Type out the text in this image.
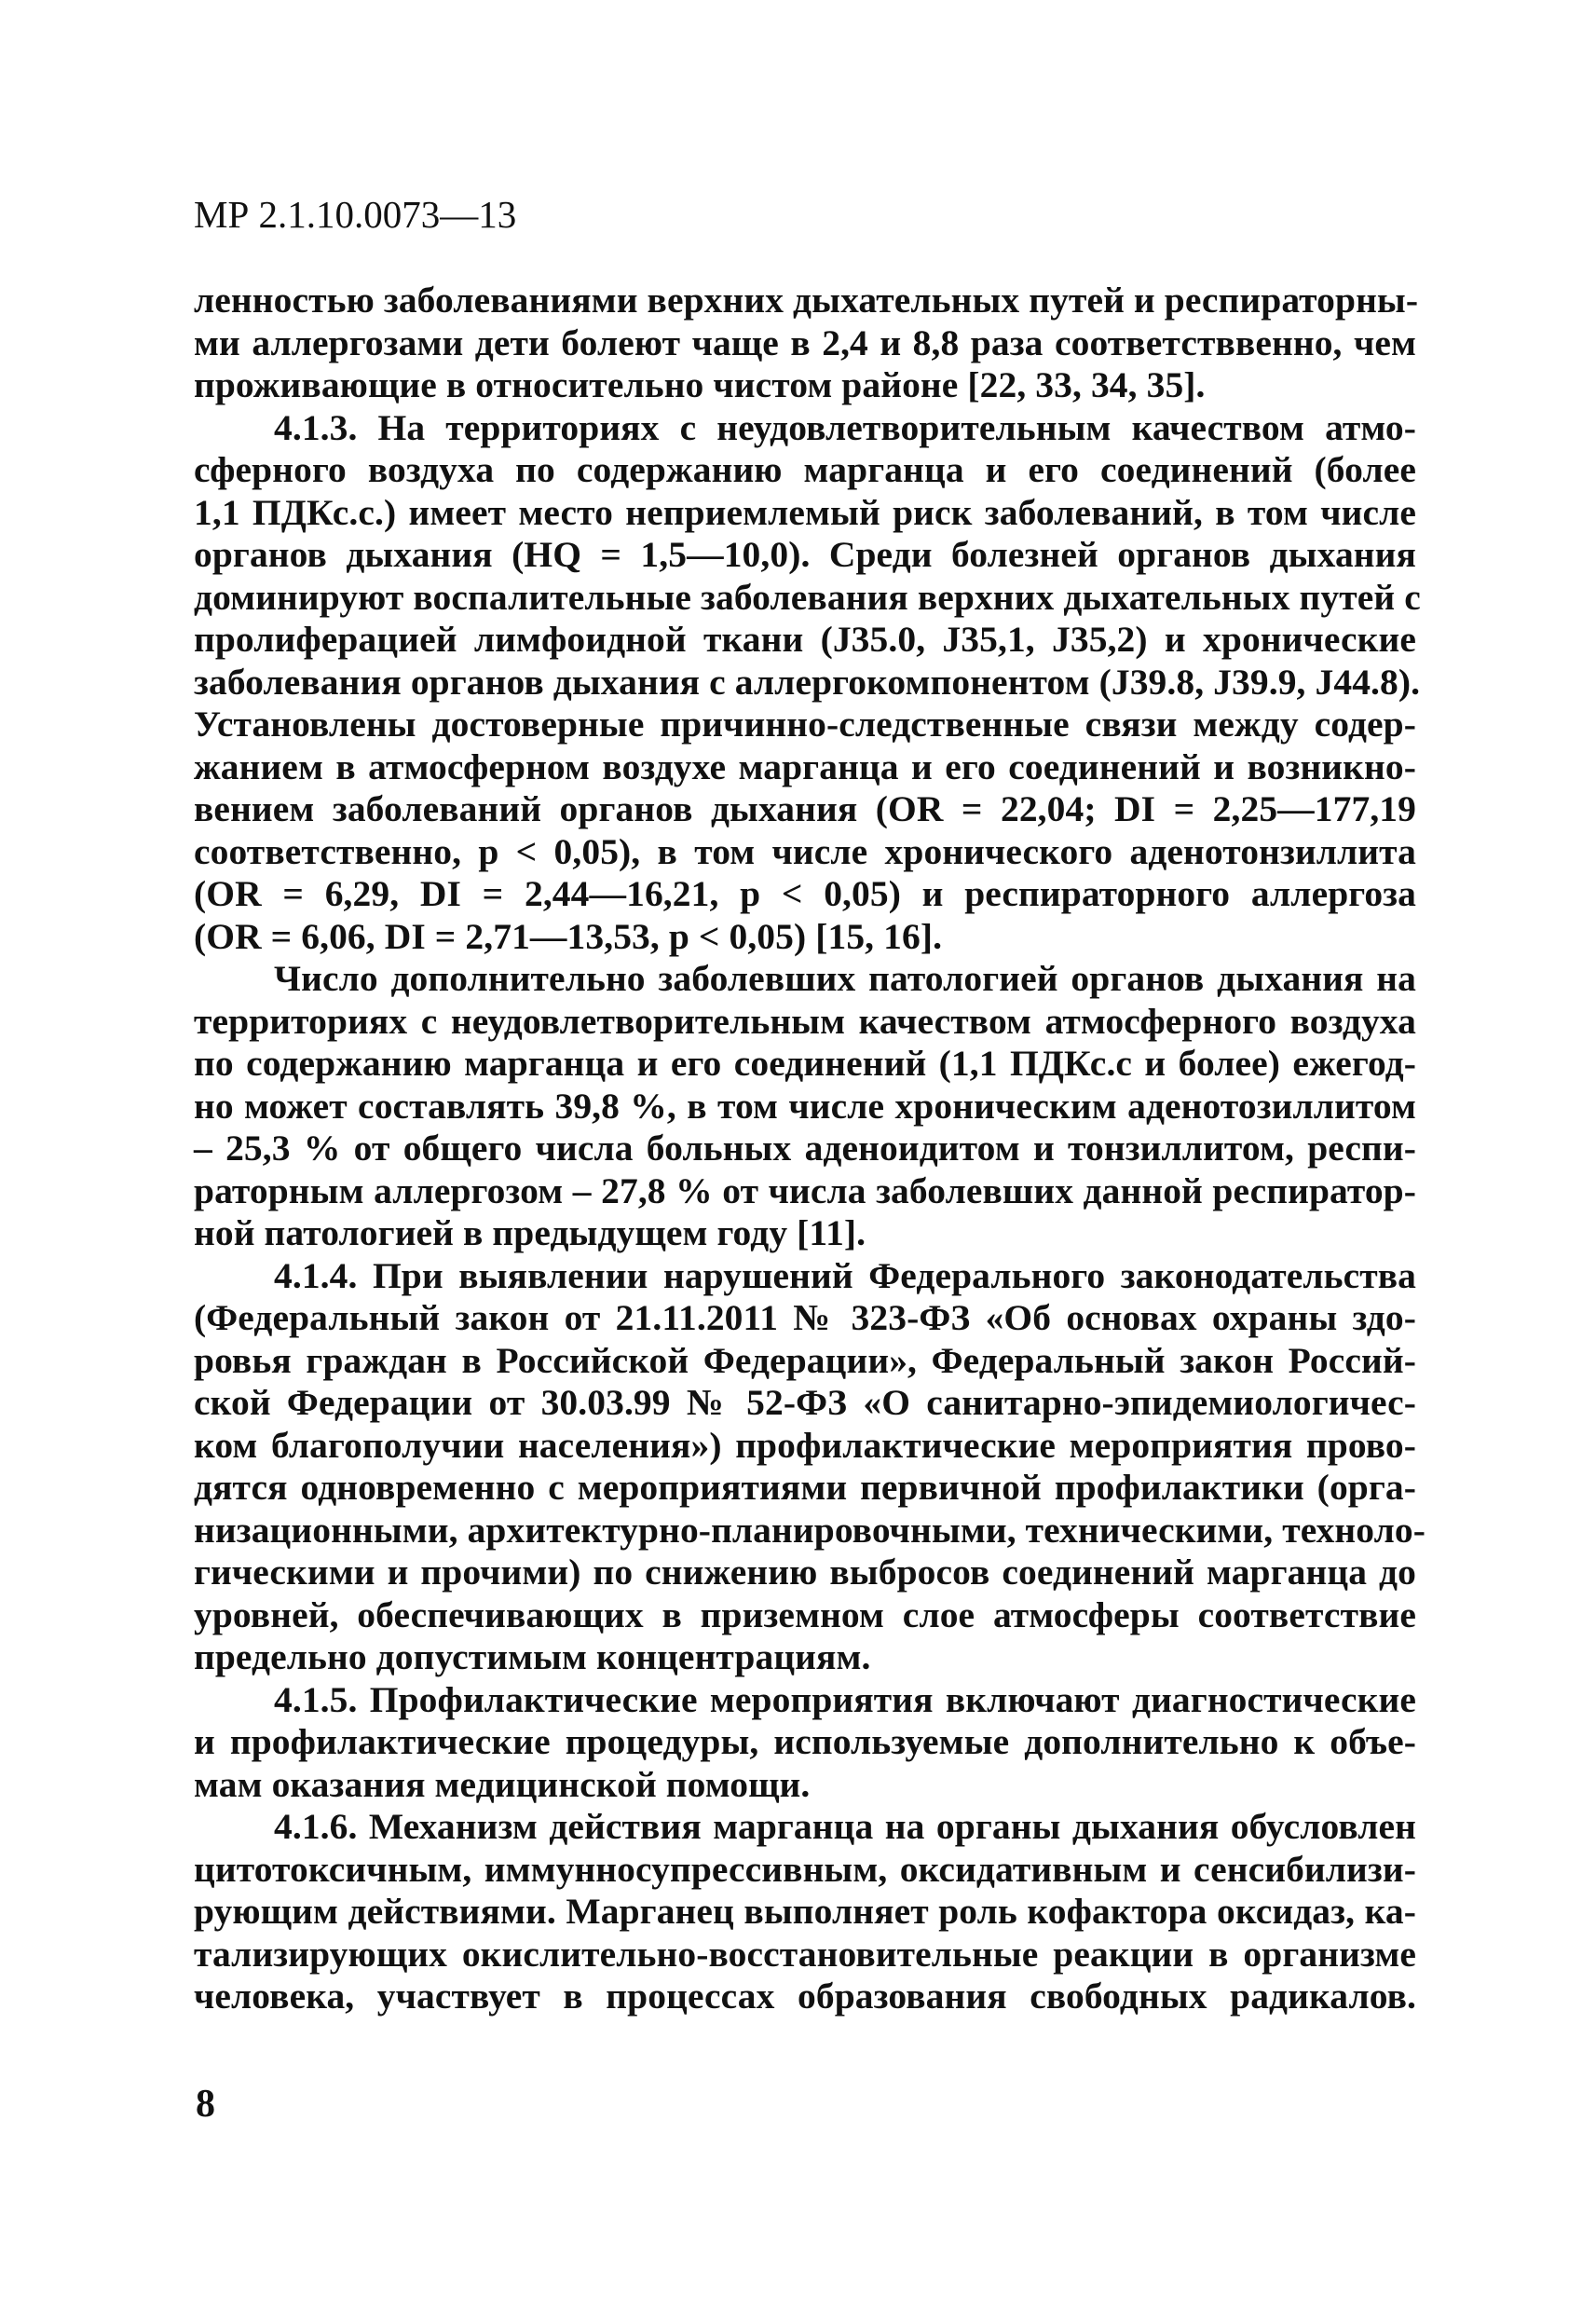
МР 2.1.10.0073—13

ленностью заболеваниями верхних дыхательных путей и респираторны-
ми аллергозами дети болеют чаще в 2,4 и 8,8 раза соответстввенно, чем
проживающие в относительно чистом районе [22, 33, 34, 35].

4.1.3. На территориях с неудовлетворительным качеством атмо-
сферного воздуха по содержанию марганца и его соединений (более
1,1 ПДКс.с.) имеет место неприемлемый риск заболеваний, в том числе
органов дыхания (HQ = 1,5—10,0). Среди болезней органов дыхания
доминируют воспалительные заболевания верхних дыхательных путей с
пролиферацией лимфоидной ткани (J35.0, J35,1, J35,2) и хронические
заболевания органов дыхания с аллергокомпонентом (J39.8, J39.9, J44.8).
Установлены достоверные причинно-следственные связи между содер-
жанием в атмосферном воздухе марганца и его соединений и возникно-
вением заболеваний органов дыхания (OR = 22,04; DI = 2,25—177,19
соответственно, p < 0,05), в том числе хронического аденотонзиллита
(OR = 6,29, DI = 2,44—16,21, p < 0,05) и респираторного аллергоза
(OR = 6,06, DI = 2,71—13,53, p < 0,05) [15, 16].

Число дополнительно заболевших патологией органов дыхания на
территориях с неудовлетворительным качеством атмосферного воздуха
по содержанию марганца и его соединений (1,1 ПДКс.с и более) ежегод-
но может составлять 39,8 %, в том числе хроническим аденотозиллитом
– 25,3 % от общего числа больных аденоидитом и тонзиллитом, респи-
раторным аллергозом – 27,8 % от числа заболевших данной респиратор-
ной патологией в предыдущем году [11].

4.1.4. При выявлении нарушений Федерального законодательства
(Федеральный закон от 21.11.2011 № 323-ФЗ «Об основах охраны здо-
ровья граждан в Российской Федерации», Федеральный закон Россий-
ской Федерации от 30.03.99 № 52-ФЗ «О санитарно-эпидемиологичес-
ком благополучии населения») профилактические мероприятия прово-
дятся одновременно с мероприятиями первичной профилактики (орга-
низационными, архитектурно-планировочными, техническими, техноло-
гическими и прочими) по снижению выбросов соединений марганца до
уровней, обеспечивающих в приземном слое атмосферы соответствие
предельно допустимым концентрациям.

4.1.5. Профилактические мероприятия включают диагностические
и профилактические процедуры, используемые дополнительно к объе-
мам оказания медицинской помощи.

4.1.6. Механизм действия марганца на органы дыхания обусловлен
цитотоксичным, иммунносупрессивным, оксидативным и сенсибилизи-
рующим действиями. Марганец выполняет роль кофактора оксидаз, ка-
тализирующих окислительно-восстановительные реакции в организме
человека, участвует в процессах образования свободных радикалов.

8
